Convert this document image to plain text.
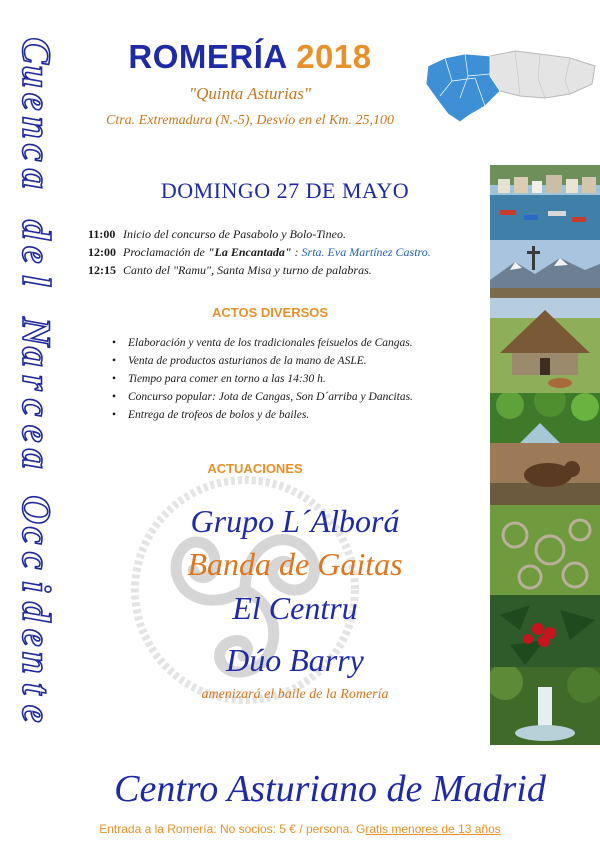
C
u
e
n
c
a
d
e
l
N
a
r
c
e
a
O
c
c
i
d
e
n
t
e
ROMERÍA 2018
"Quinta Asturias"
Ctra. Extremadura (N.-5), Desvío en el Km. 25,100
DOMINGO 27 DE MAYO
11:00 Inicio del concurso de Pasabolo y Bolo-Tineo.
12:00 Proclamación de "La Encantada" : Srta. Eva Martínez Castro.
12:15 Canto del "Ramu", Santa Misa y turno de palabras.
ACTOS DIVERSOS
• Elaboración y venta de los tradicionales feisuelos de Cangas.
• Venta de productos asturianos de la mano de ASLE.
• Tiempo para comer en torno a las 14:30 h.
• Concurso popular: Jota de Cangas, Son D´arriba y Dancitas.
• Entrega de trofeos de bolos y de bailes.
ACTUACIONES
Grupo L´Alborá
Banda de Gaitas
El Centru
Dúo Barry
amenizará el baile de la Romería
Centro Asturiano de Madrid
Entrada a la Romería: No socios: 5 € / persona. Gratis menores de 13 años
